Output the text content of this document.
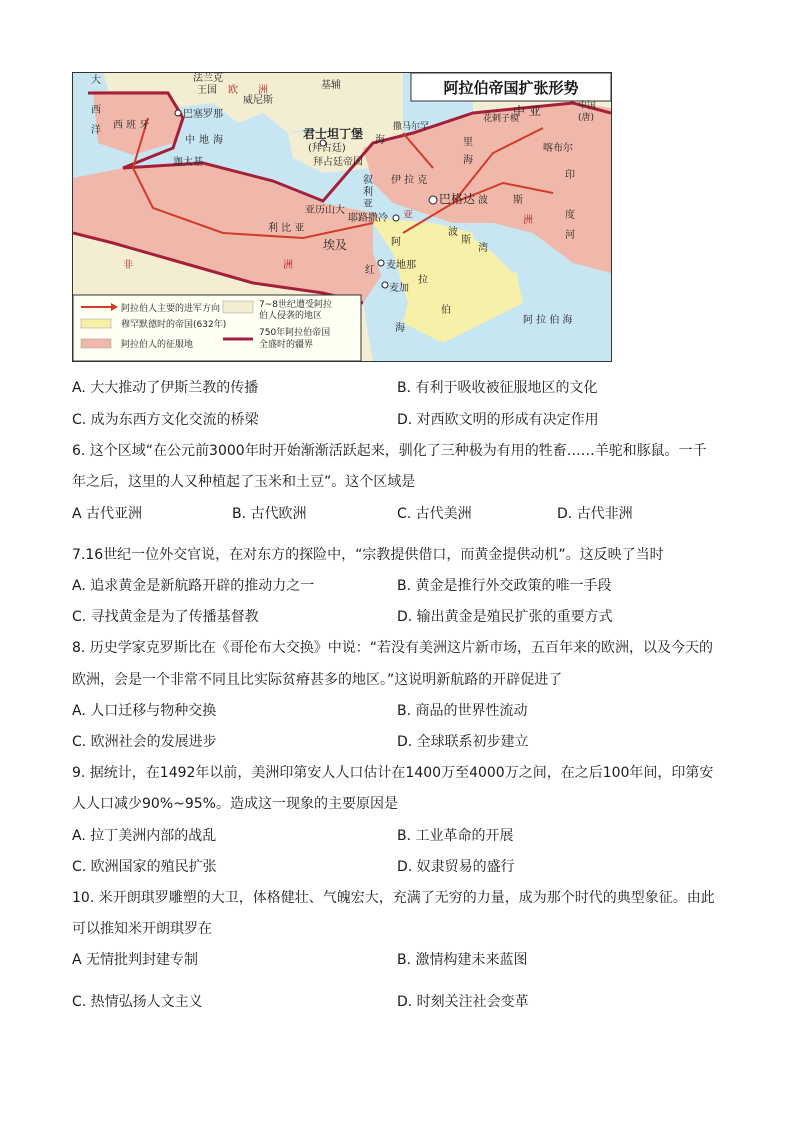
阿拉伯帝国扩张形势
大
西
洋
法兰克
王国 欧 洲
威尼斯
基辅
西 班 牙
巴塞罗那
中 地 海
迦太基
君士坦丁堡
(拜占廷)
拜占廷帝国
海
海
里
撒马尔罕
花剌子模
中 亚	中国
(唐)
喀布尔
叙
利
亚
伊 拉 克
巴格达 波	斯
印
度
河
亚	洲
亚历山大
耶路撒冷
利 比 亚
埃及	阿
拉
伯
波
斯
湾
麦地那
麦加
红
海
非	洲
阿 拉 伯 海
阿拉伯人主要的进军方向
穆罕默德时的帝国(632年)
阿拉伯人的征服地
7~8世纪遭受阿拉
伯人侵袭的地区
750年阿拉伯帝国
全盛时的疆界
A. 大大推动了伊斯兰教的传播	B. 有利于吸收被征服地区的文化
C. 成为东西方文化交流的桥梁	D. 对西欧文明的形成有决定作用
6. 这个区域“在公元前3000年时开始渐渐活跃起来，驯化了三种极为有用的牲畜……羊驼和豚鼠。一千
年之后，这里的人又种植起了玉米和土豆”。这个区域是
A 古代亚洲	B. 古代欧洲	C. 古代美洲	D. 古代非洲
7.16世纪一位外交官说，在对东方的探险中，“宗教提供借口，而黄金提供动机”。这反映了当时
A. 追求黄金是新航路开辟的推动力之一	B. 黄金是推行外交政策的唯一手段
C. 寻找黄金是为了传播基督教	D. 输出黄金是殖民扩张的重要方式
8. 历史学家克罗斯比在《哥伦布大交换》中说：“若没有美洲这片新市场，五百年来的欧洲，以及今天的
欧洲，会是一个非常不同且比实际贫瘠甚多的地区。”这说明新航路的开辟促进了
A. 人口迁移与物种交换	B. 商品的世界性流动
C. 欧洲社会的发展进步	D. 全球联系初步建立
9. 据统计，在1492年以前，美洲印第安人人口估计在1400万至4000万之间，在之后100年间，印第安
人人口减少90%~95%。造成这一现象的主要原因是
A. 拉丁美洲内部的战乱	B. 工业革命的开展
C. 欧洲国家的殖民扩张	D. 奴隶贸易的盛行
10. 米开朗琪罗雕塑的大卫，体格健壮、气魄宏大，充满了无穷的力量，成为那个时代的典型象征。由此
可以推知米开朗琪罗在
A 无情批判封建专制	B. 激情构建未来蓝图
C. 热情弘扬人文主义	D. 时刻关注社会变革
